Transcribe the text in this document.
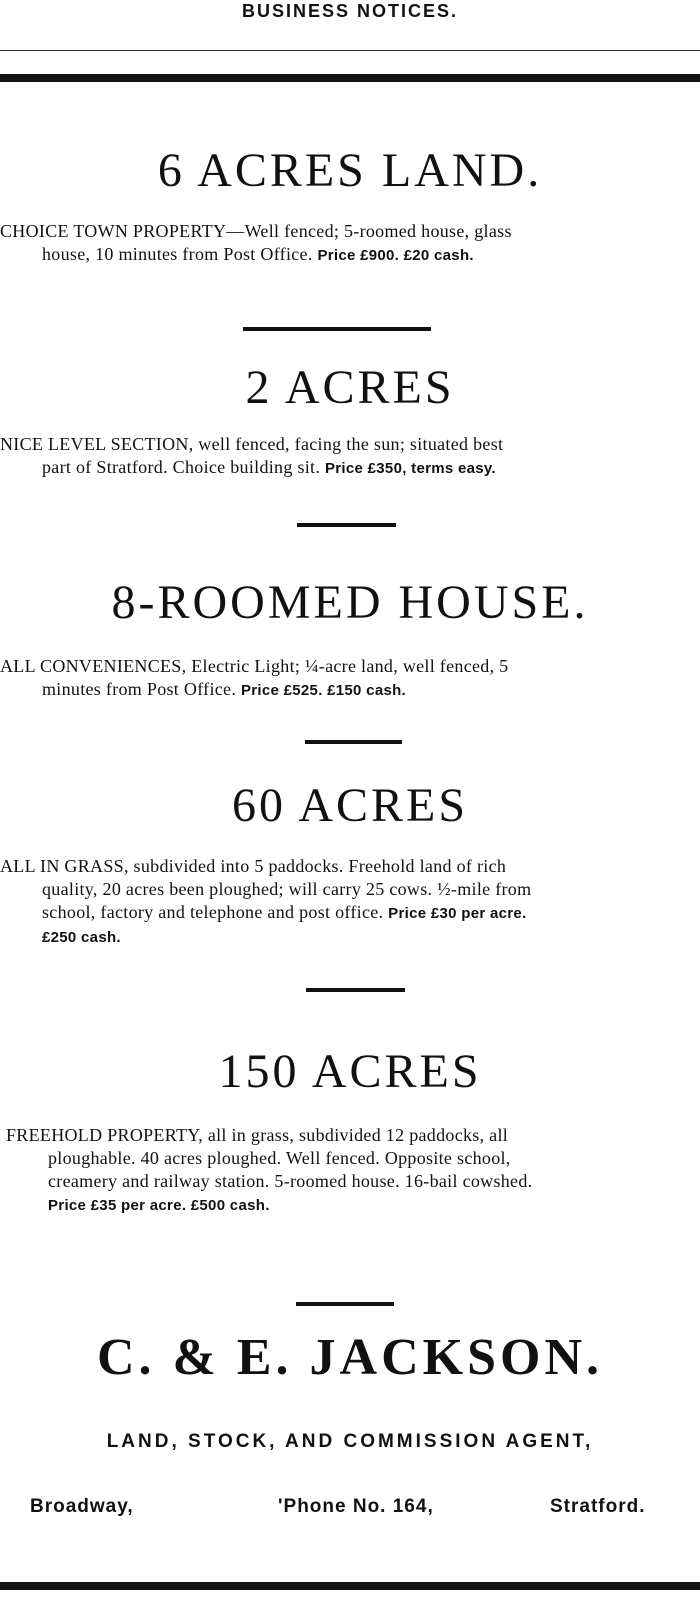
BUSINESS NOTICES.
6 ACRES LAND.
CHOICE TOWN PROPERTY—Well fenced; 5-roomed house, glass
house, 10 minutes from Post Office. Price £900. £20 cash.
2 ACRES
NICE LEVEL SECTION, well fenced, facing the sun; situated best
part of Stratford. Choice building sit. Price £350, terms easy.
8-ROOMED HOUSE.
ALL CONVENIENCES, Electric Light; ¼-acre land, well fenced, 5
minutes from Post Office. Price £525. £150 cash.
60 ACRES
ALL IN GRASS, subdivided into 5 paddocks. Freehold land of rich
quality, 20 acres been ploughed; will carry 25 cows. ½-mile from
school, factory and telephone and post office. Price £30 per acre.
£250 cash.
150 ACRES
FREEHOLD PROPERTY, all in grass, subdivided 12 paddocks, all
ploughable. 40 acres ploughed. Well fenced. Opposite school,
creamery and railway station. 5-roomed house. 16-bail cowshed.
Price £35 per acre. £500 cash.
C. & E. JACKSON.
LAND, STOCK, AND COMMISSION AGENT,
Broadway,	'Phone No. 164,	Stratford.
